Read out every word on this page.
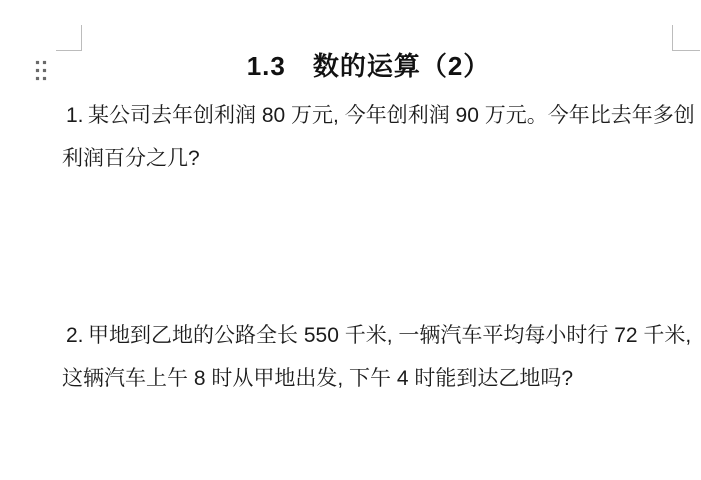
1.3　数的运算（2）

1. 某公司去年创利润 80 万元, 今年创利润 90 万元。今年比去年多创

利润百分之几?

2. 甲地到乙地的公路全长 550 千米, 一辆汽车平均每小时行 72 千米,

这辆汽车上午 8 时从甲地出发, 下午 4 时能到达乙地吗?
